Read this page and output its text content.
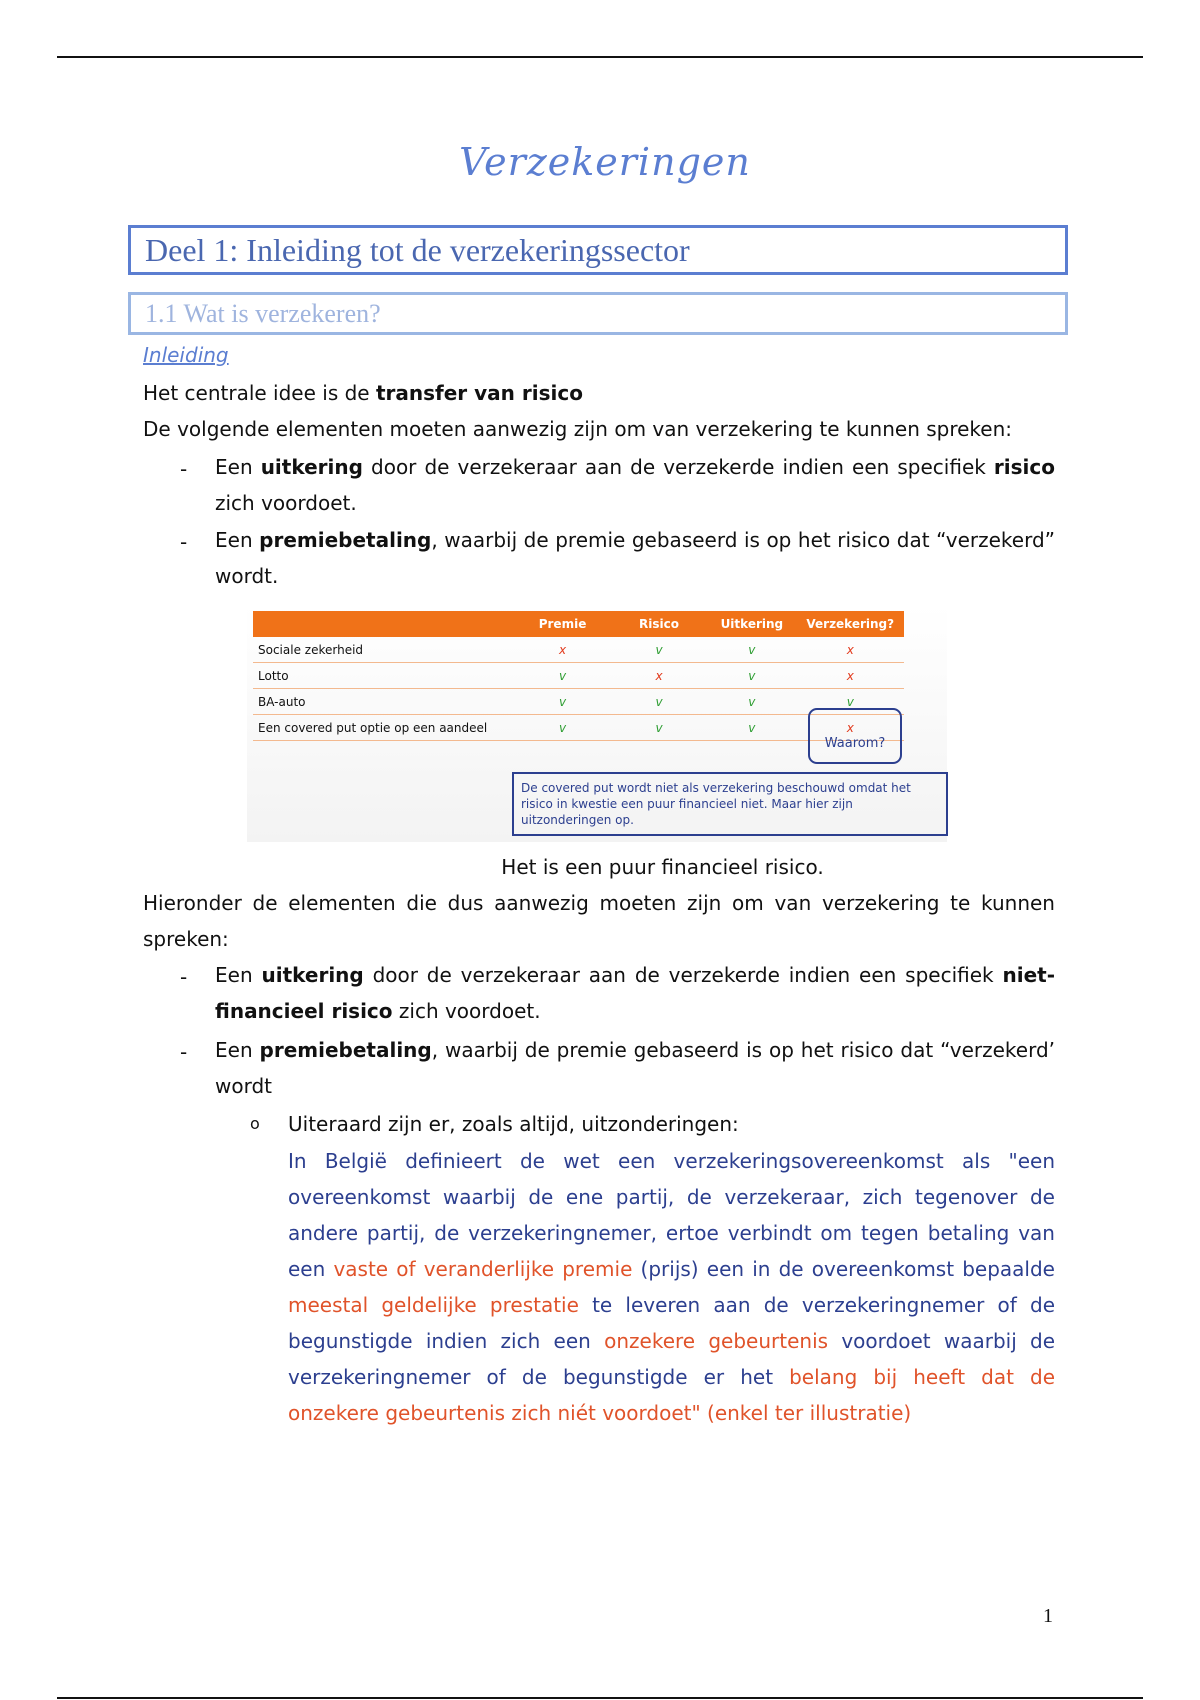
Verzekeringen
Deel 1: Inleiding tot de verzekeringssector
1.1 Wat is verzekeren?
Inleiding
Het centrale idee is de transfer van risico
De volgende elementen moeten aanwezig zijn om van verzekering te kunnen spreken:
- Een uitkering door de verzekeraar aan de verzekerde indien een specifiek risico zich voordoet.
- Een premiebetaling, waarbij de premie gebaseerd is op het risico dat “verzekerd” wordt.
	Premie	Risico	Uitkering	Verzekering?
Sociale zekerheid	x	v	v	x
Lotto	v	x	v	x
BA-auto	v	v	v	v
Een covered put optie op een aandeel	v	v	v	x
Waarom?
De covered put wordt niet als verzekering beschouwd omdat het risico in kwestie een puur financieel niet. Maar hier zijn uitzonderingen op.
Het is een puur financieel risico.
Hieronder de elementen die dus aanwezig moeten zijn om van verzekering te kunnen spreken:
- Een uitkering door de verzekeraar aan de verzekerde indien een specifiek niet-financieel risico zich voordoet.
- Een premiebetaling, waarbij de premie gebaseerd is op het risico dat “verzekerd’ wordt
o Uiteraard zijn er, zoals altijd, uitzonderingen:
In België definieert de wet een verzekeringsovereenkomst als "een overeenkomst waarbij de ene partij, de verzekeraar, zich tegenover de andere partij, de verzekeringnemer, ertoe verbindt om tegen betaling van een vaste of veranderlijke premie (prijs) een in de overeenkomst bepaalde meestal geldelijke prestatie te leveren aan de verzekeringnemer of de begunstigde indien zich een onzekere gebeurtenis voordoet waarbij de verzekeringnemer of de begunstigde er het belang bij heeft dat de onzekere gebeurtenis zich niét voordoet" (enkel ter illustratie)
1
